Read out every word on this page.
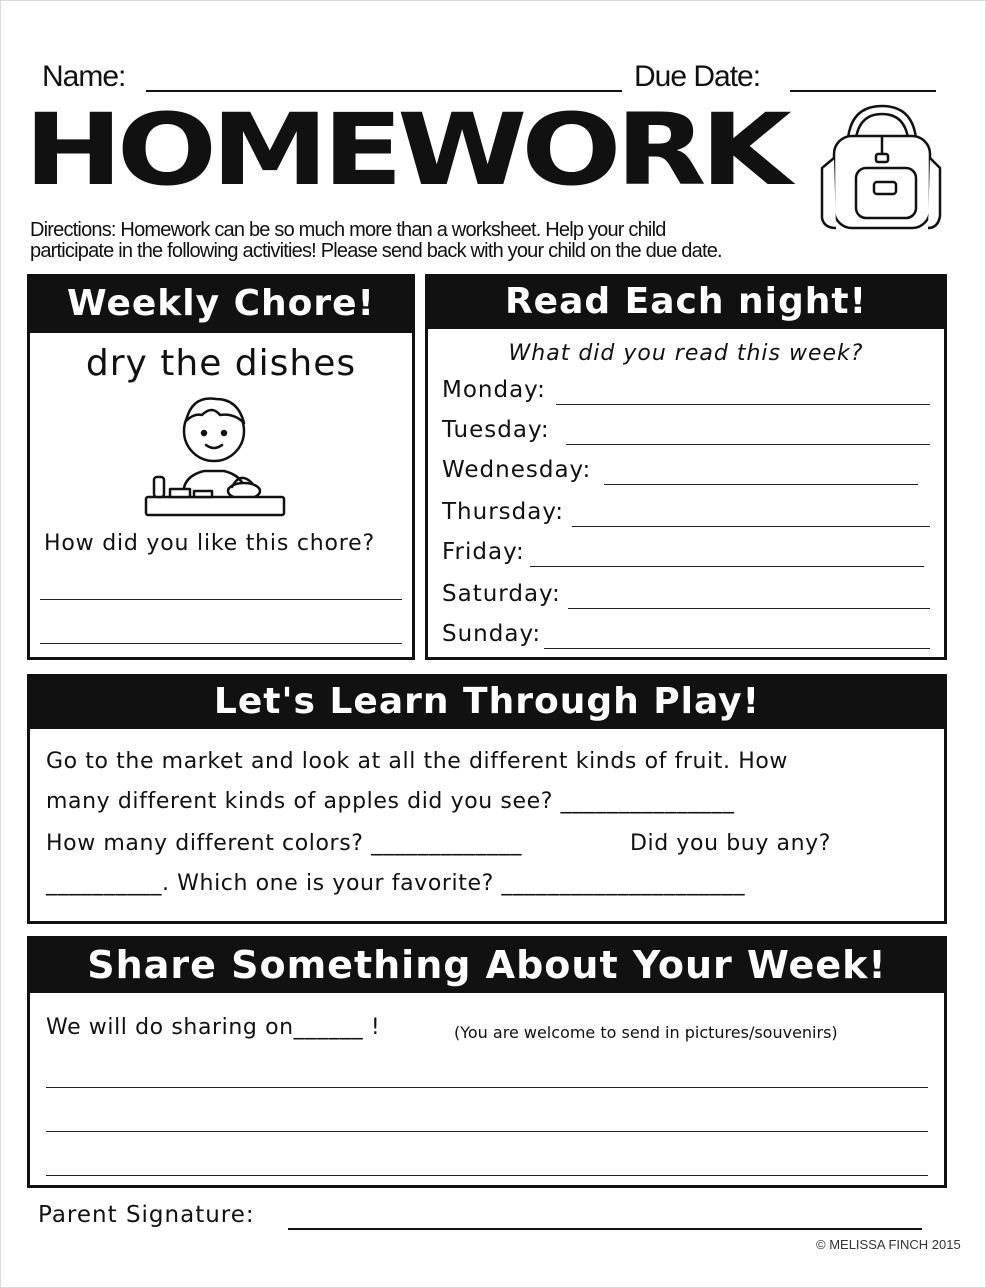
Name:	Due Date:
HOMEWORK
Directions: Homework can be so much more than a worksheet. Help your child
participate in the following activities! Please send back with your child on the due date.
Weekly Chore!
dry the dishes
How did you like this chore?
Read Each night!
What did you read this week?
Monday:
Tuesday:
Wednesday:
Thursday:
Friday:
Saturday:
Sunday:
Let's Learn Through Play!
Go to the market and look at all the different kinds of fruit. How
many different kinds of apples did you see? _______________
How many different colors? _____________	Did you buy any?
__________. Which one is your favorite? _____________________
Share Something About Your Week!
We will do sharing on______ !	(You are welcome to send in pictures/souvenirs)
Parent Signature:
© MELISSA FINCH 2015
